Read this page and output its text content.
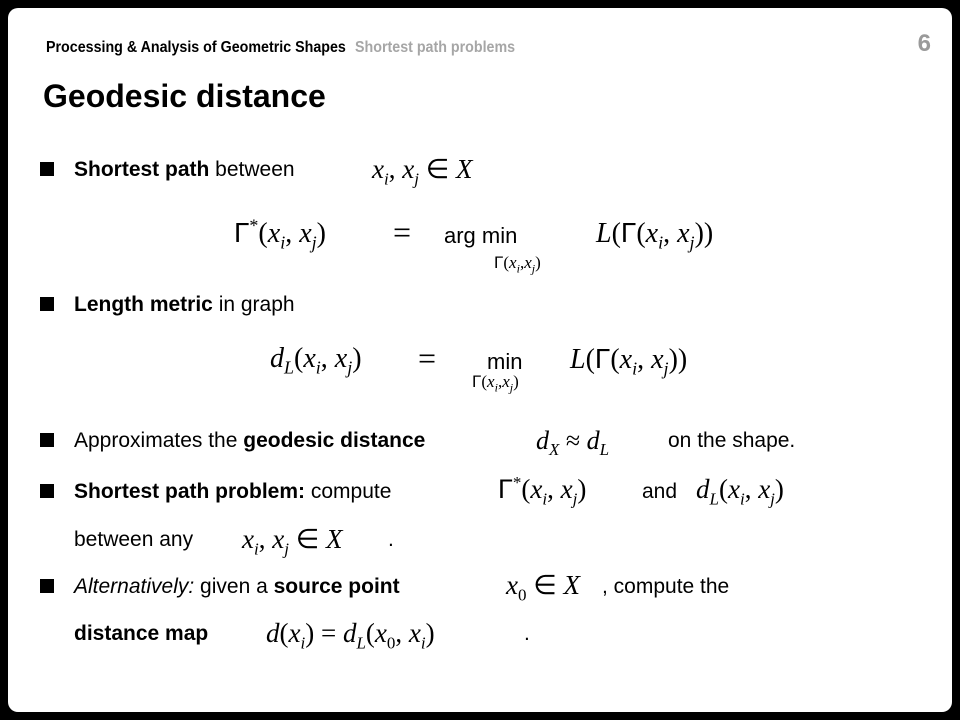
Processing & Analysis of Geometric Shapes Shortest path problems	6
Geodesic distance
Shortest path between	$x_i$, $x_j$ ∈ X
$\Gamma^*(x_i$, $x_j$) = arg min
$\Gamma(x_i,x_j)$
$L(\Gamma(x_i$, $x_j$))
Length metric in graph
$d_L(x_i$, $x_j) = \min$
$\Gamma(x_i,x_j)$
$L(\Gamma(x_i$, $x_j$))
Approximates the geodesic distance	$d_X \approx d_L$	on the shape.
Shortest path problem: compute	$\Gamma^*(x_i$, $x_j$)	and $d_L(x_i$, $x_j$)
between any $x_i$, $x_j$ ∈ X .
Alternatively: given a source point	$x_0$ ∈ X , compute the
distance map $d(x_i) = d_L(x_0$, $x_i$)	.
